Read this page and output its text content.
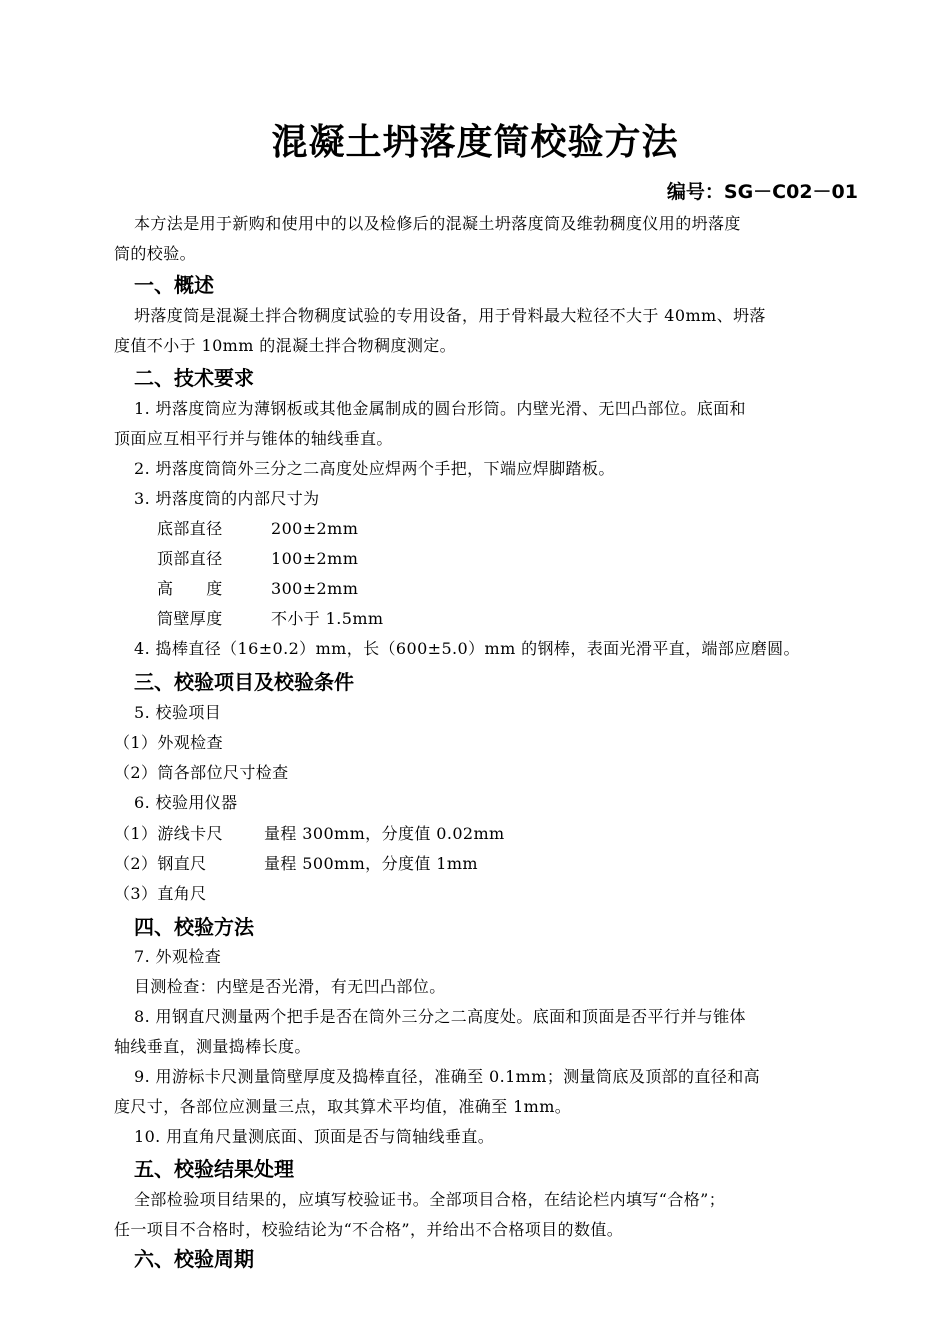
混凝土坍落度筒校验方法
编号：SG－C02－01
本方法是用于新购和使用中的以及检修后的混凝土坍落度筒及维勃稠度仪用的坍落度
筒的校验。
一、概述
坍落度筒是混凝土拌合物稠度试验的专用设备，用于骨料最大粒径不大于 40mm、坍落
度值不小于 10mm 的混凝土拌合物稠度测定。
二、技术要求
1. 坍落度筒应为薄钢板或其他金属制成的圆台形筒。内壁光滑、无凹凸部位。底面和
顶面应互相平行并与锥体的轴线垂直。
2. 坍落度筒筒外三分之二高度处应焊两个手把，下端应焊脚踏板。
3. 坍落度筒的内部尺寸为
底部直径	200±2mm
顶部直径	100±2mm
高　　度	300±2mm
筒壁厚度	不小于 1.5mm
4. 捣棒直径（16±0.2）mm，长（600±5.0）mm 的钢棒，表面光滑平直，端部应磨圆。
三、校验项目及校验条件
5. 校验项目
（1）外观检查
（2）筒各部位尺寸检查
6. 校验用仪器
（1）游线卡尺	量程 300mm，分度值 0.02mm
（2）钢直尺	量程 500mm，分度值 1mm
（3）直角尺
四、校验方法
7. 外观检查
目测检查：内壁是否光滑，有无凹凸部位。
8. 用钢直尺测量两个把手是否在筒外三分之二高度处。底面和顶面是否平行并与锥体
轴线垂直，测量捣棒长度。
9. 用游标卡尺测量筒壁厚度及捣棒直径，准确至 0.1mm；测量筒底及顶部的直径和高
度尺寸，各部位应测量三点，取其算术平均值，准确至 1mm。
10. 用直角尺量测底面、顶面是否与筒轴线垂直。
五、校验结果处理
全部检验项目结果的，应填写校验证书。全部项目合格，在结论栏内填写“合格”；
任一项目不合格时，校验结论为“不合格”，并给出不合格项目的数值。
六、校验周期
